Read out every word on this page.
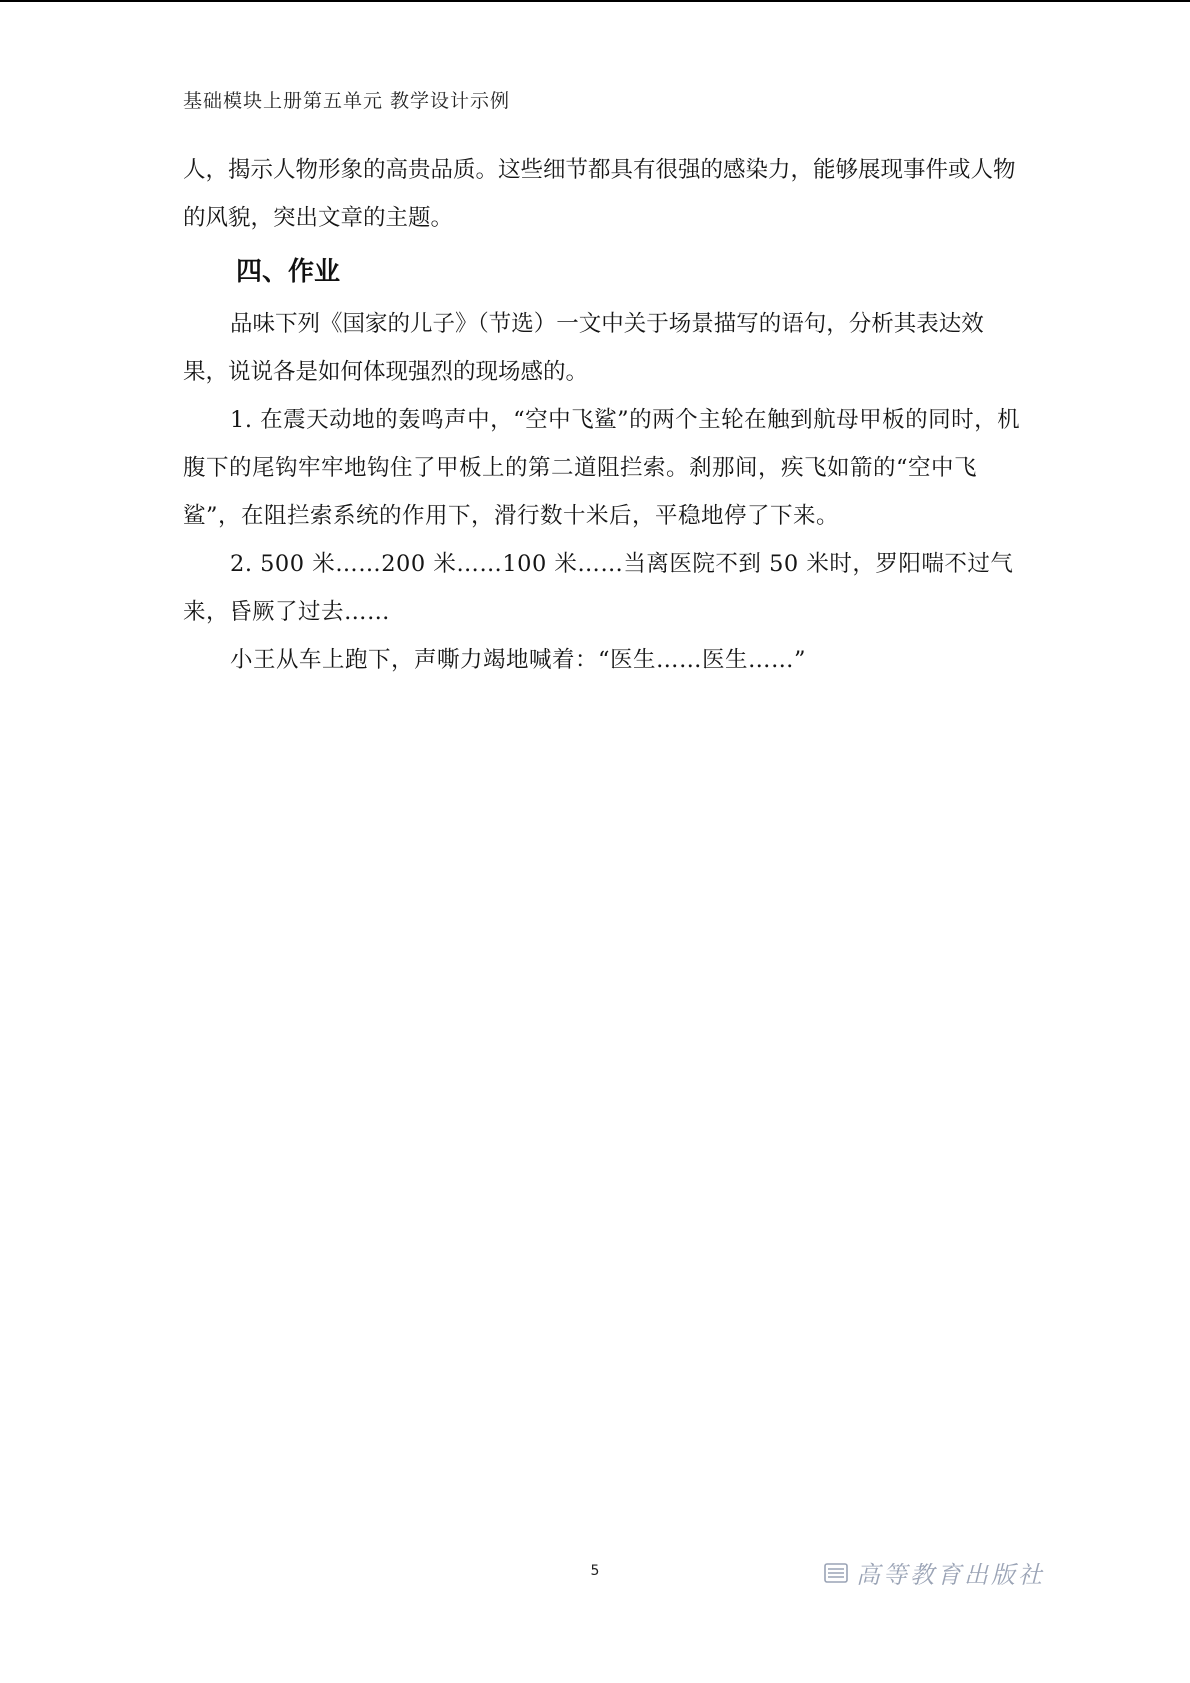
基础模块上册第五单元 教学设计示例

人，揭示人物形象的高贵品质。这些细节都具有很强的感染力，能够展现事件或人物的风貌，突出文章的主题。

四、作业

品味下列《国家的儿子》（节选）一文中关于场景描写的语句，分析其表达效果，说说各是如何体现强烈的现场感的。

1. 在震天动地的轰鸣声中，“空中飞鲨”的两个主轮在触到航母甲板的同时，机腹下的尾钩牢牢地钩住了甲板上的第二道阻拦索。刹那间，疾飞如箭的“空中飞鲨”，在阻拦索系统的作用下，滑行数十米后，平稳地停了下来。

2. 500 米……200 米……100 米……当离医院不到 50 米时，罗阳喘不过气来，昏厥了过去……

小王从车上跑下，声嘶力竭地喊着：“医生……医生……”

5	高等教育出版社
